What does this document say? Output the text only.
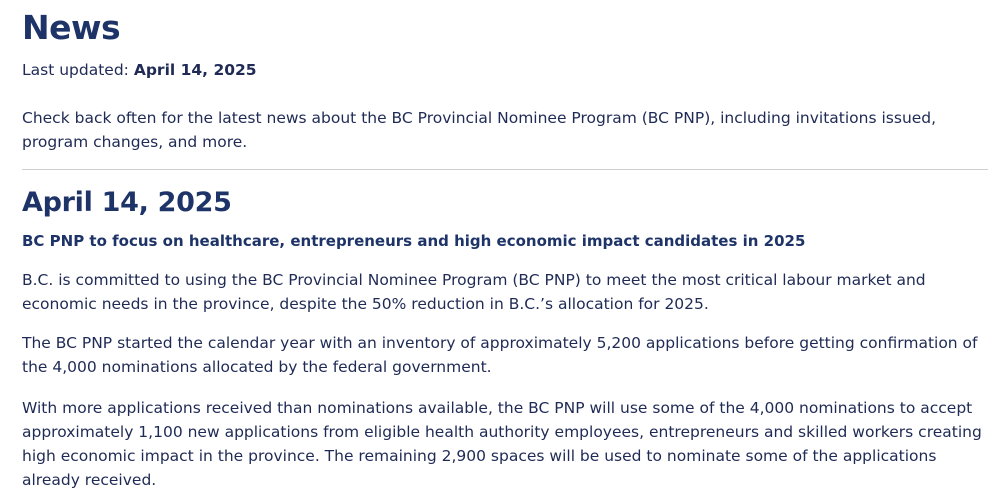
News

Last updated: April 14, 2025

Check back often for the latest news about the BC Provincial Nominee Program (BC PNP), including invitations issued, program changes, and more.

April 14, 2025
BC PNP to focus on healthcare, entrepreneurs and high economic impact candidates in 2025

B.C. is committed to using the BC Provincial Nominee Program (BC PNP) to meet the most critical labour market and economic needs in the province, despite the 50% reduction in B.C.’s allocation for 2025.

The BC PNP started the calendar year with an inventory of approximately 5,200 applications before getting confirmation of the 4,000 nominations allocated by the federal government.

With more applications received than nominations available, the BC PNP will use some of the 4,000 nominations to accept approximately 1,100 new applications from eligible health authority employees, entrepreneurs and skilled workers creating high economic impact in the province. The remaining 2,900 spaces will be used to nominate some of the applications already received.
